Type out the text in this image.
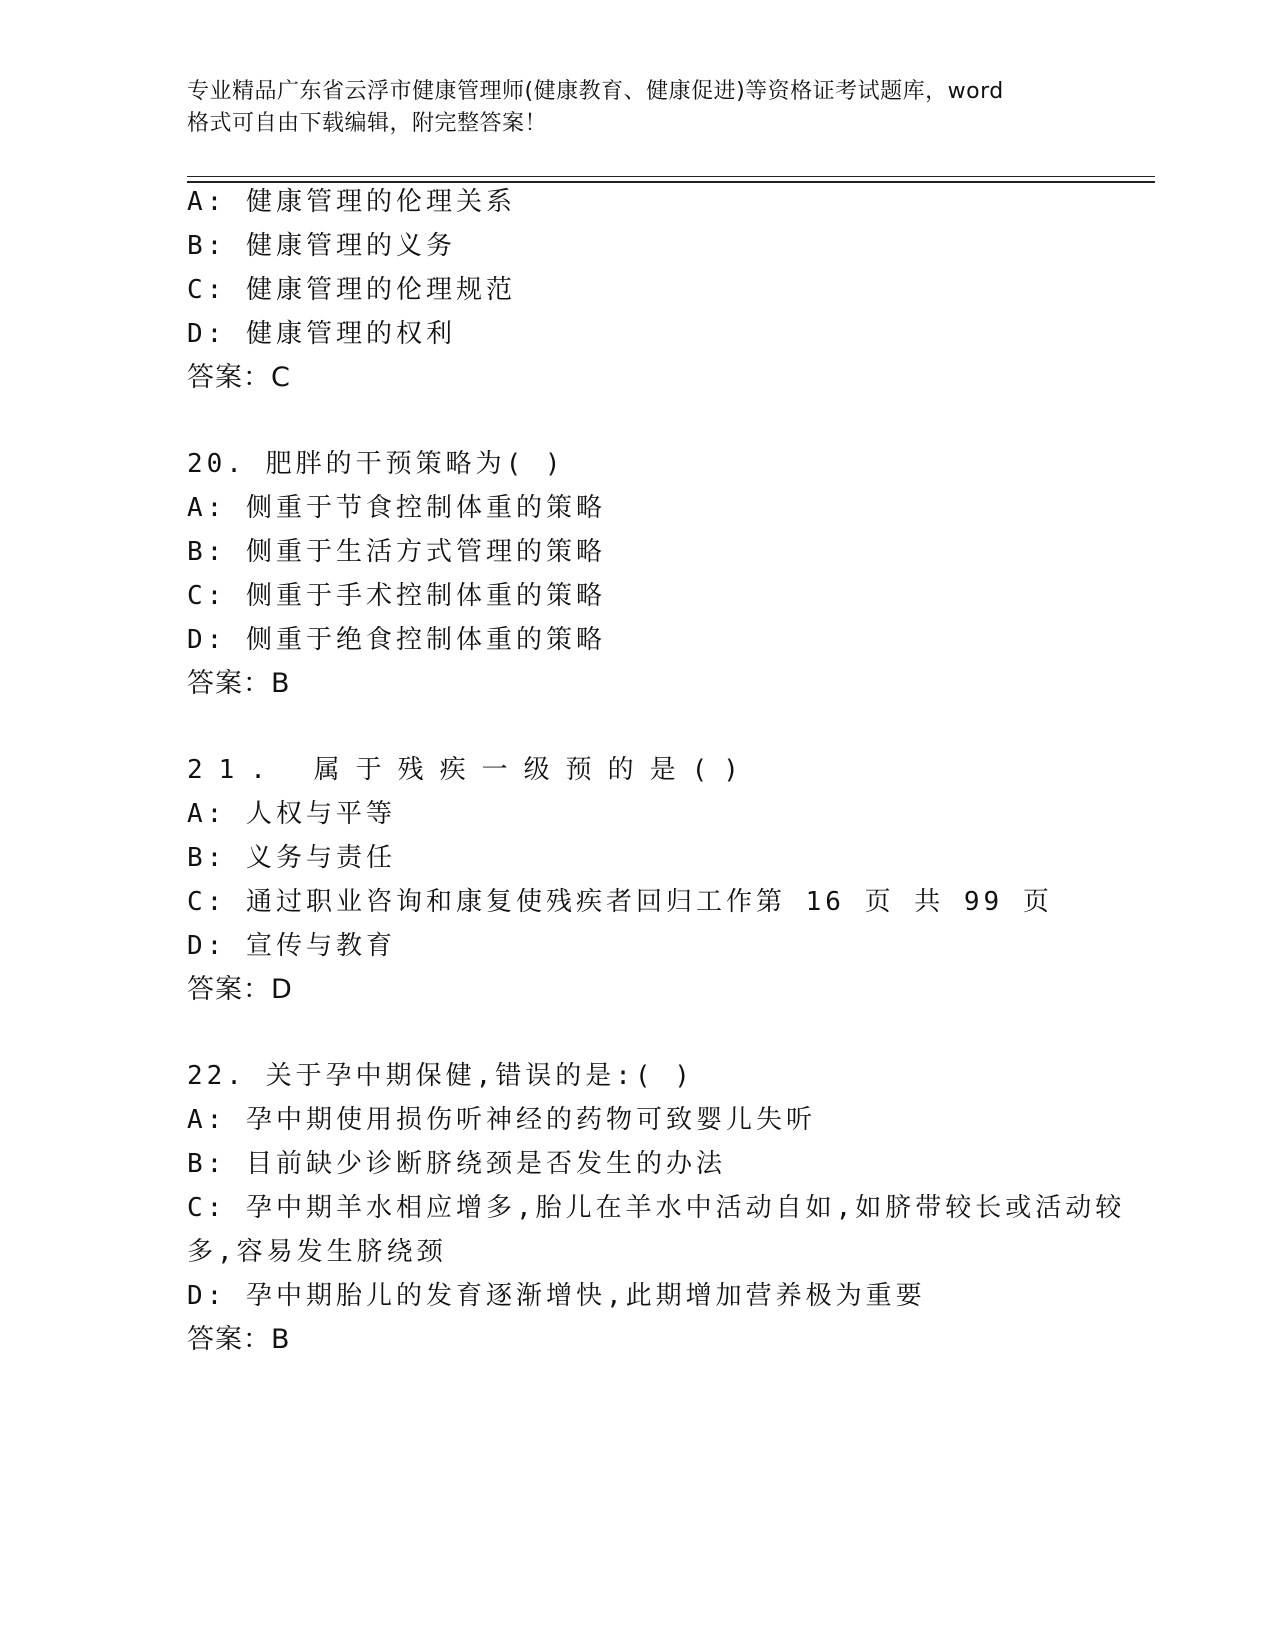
专业精品广东省云浮市健康管理师(健康教育、健康促进)等资格证考试题库，word
格式可自由下载编辑，附完整答案！
A: 健康管理的伦理关系
B: 健康管理的义务
C: 健康管理的伦理规范
D: 健康管理的权利
答案：C
20. 肥胖的干预策略为( )
A: 侧重于节食控制体重的策略
B: 侧重于生活方式管理的策略
C: 侧重于手术控制体重的策略
D: 侧重于绝食控制体重的策略
答案：B
21. 属于残疾一级预的是()
A: 人权与平等
B: 义务与责任
C: 通过职业咨询和康复使残疾者回归工作第 16 页 共 99 页
D: 宣传与教育
答案：D
22. 关于孕中期保健,错误的是:( )
A: 孕中期使用损伤听神经的药物可致婴儿失听
B: 目前缺少诊断脐绕颈是否发生的办法
C: 孕中期羊水相应增多,胎儿在羊水中活动自如,如脐带较长或活动较
多,容易发生脐绕颈
D: 孕中期胎儿的发育逐渐增快,此期增加营养极为重要
答案：B
